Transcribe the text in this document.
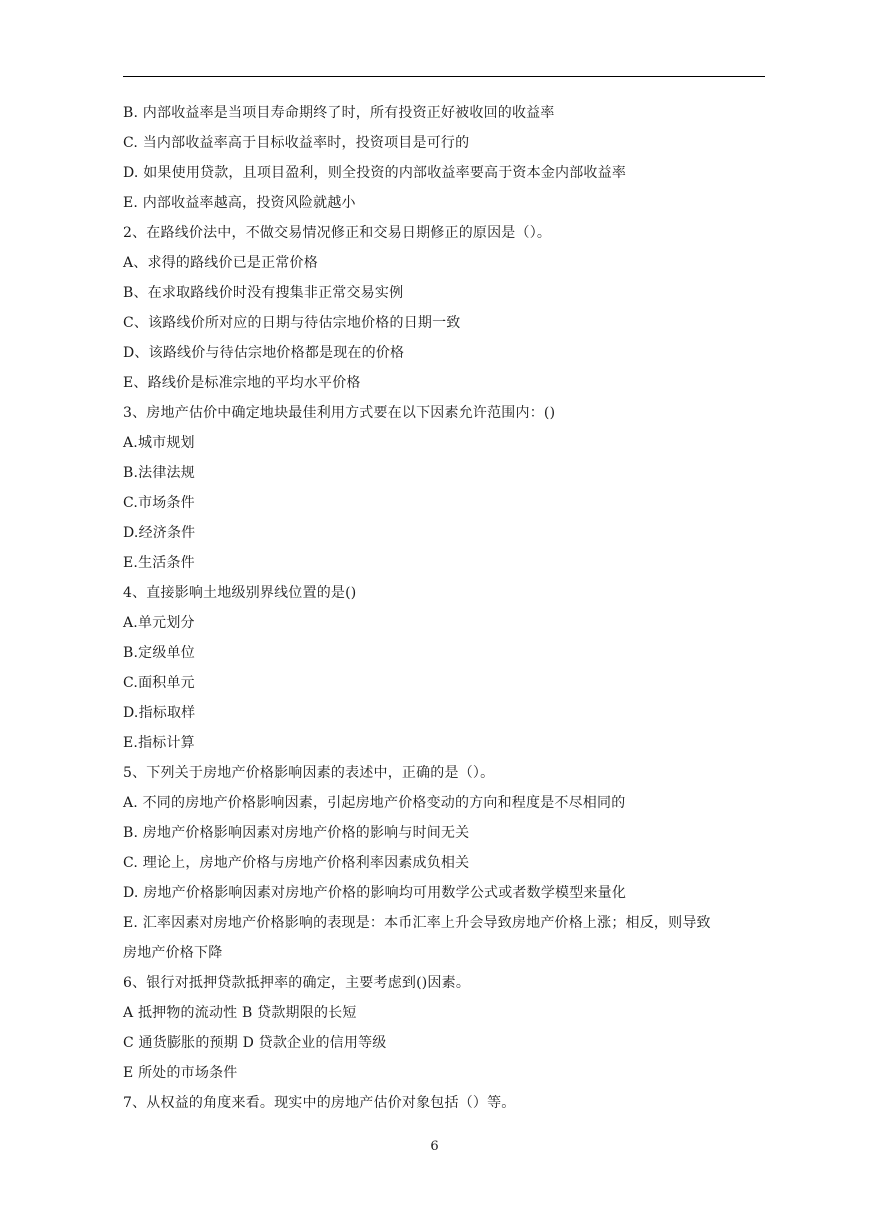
B. 内部收益率是当项目寿命期终了时，所有投资正好被收回的收益率
C. 当内部收益率高于目标收益率时，投资项目是可行的
D. 如果使用贷款，且项目盈利，则全投资的内部收益率要高于资本金内部收益率
E. 内部收益率越高，投资风险就越小
2、在路线价法中，不做交易情况修正和交易日期修正的原因是（）。
A、求得的路线价已是正常价格
B、在求取路线价时没有搜集非正常交易实例
C、该路线价所对应的日期与待估宗地价格的日期一致
D、该路线价与待估宗地价格都是现在的价格
E、路线价是标准宗地的平均水平价格
3、房地产估价中确定地块最佳利用方式要在以下因素允许范围内：()
A.城市规划
B.法律法规
C.市场条件
D.经济条件
E.生活条件
4、直接影响土地级别界线位置的是()
A.单元划分
B.定级单位
C.面积单元
D.指标取样
E.指标计算
5、下列关于房地产价格影响因素的表述中，正确的是（）。
A. 不同的房地产价格影响因素，引起房地产价格变动的方向和程度是不尽相同的
B. 房地产价格影响因素对房地产价格的影响与时间无关
C. 理论上，房地产价格与房地产价格利率因素成负相关
D. 房地产价格影响因素对房地产价格的影响均可用数学公式或者数学模型来量化
E. 汇率因素对房地产价格影响的表现是：本币汇率上升会导致房地产价格上涨；相反，则导致
房地产价格下降
6、银行对抵押贷款抵押率的确定，主要考虑到()因素。
A 抵押物的流动性 B 贷款期限的长短
C 通货膨胀的预期 D 贷款企业的信用等级
E 所处的市场条件
7、从权益的角度来看。现实中的房地产估价对象包括（）等。
6
